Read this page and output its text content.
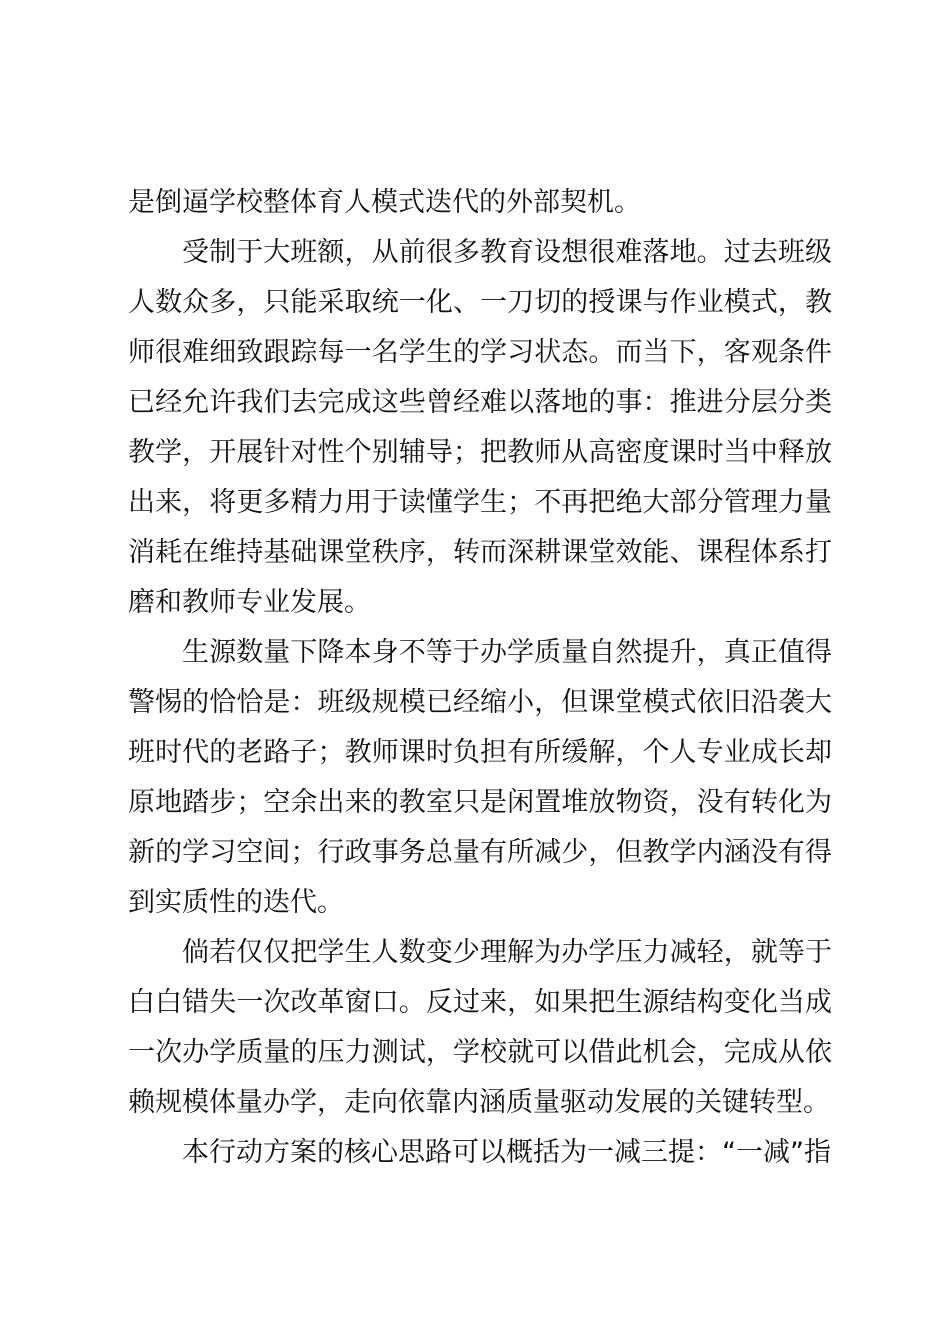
是倒逼学校整体育人模式迭代的外部契机。

受制于大班额，从前很多教育设想很难落地。过去班级人数众多，只能采取统一化、一刀切的授课与作业模式，教师很难细致跟踪每一名学生的学习状态。而当下，客观条件已经允许我们去完成这些曾经难以落地的事：推进分层分类教学，开展针对性个别辅导；把教师从高密度课时当中释放出来，将更多精力用于读懂学生；不再把绝大部分管理力量消耗在维持基础课堂秩序，转而深耕课堂效能、课程体系打磨和教师专业发展。

生源数量下降本身不等于办学质量自然提升，真正值得警惕的恰恰是：班级规模已经缩小，但课堂模式依旧沿袭大班时代的老路子；教师课时负担有所缓解，个人专业成长却原地踏步；空余出来的教室只是闲置堆放物资，没有转化为新的学习空间；行政事务总量有所减少，但教学内涵没有得到实质性的迭代。

倘若仅仅把学生人数变少理解为办学压力减轻，就等于白白错失一次改革窗口。反过来，如果把生源结构变化当成一次办学质量的压力测试，学校就可以借此机会，完成从依赖规模体量办学，走向依靠内涵质量驱动发展的关键转型。

本行动方案的核心思路可以概括为一减三提：“一减”指
